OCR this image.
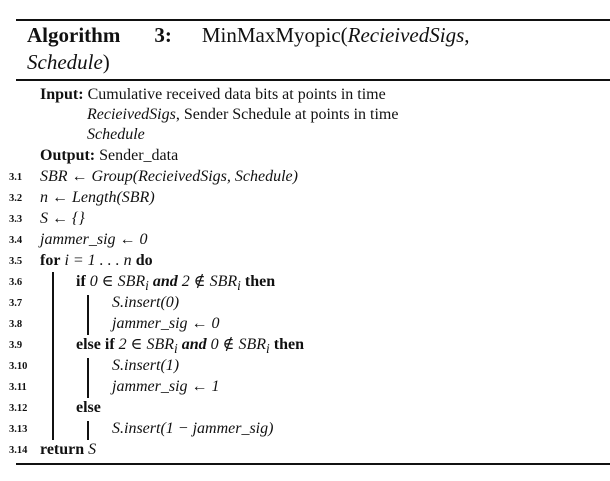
Algorithm 3: MinMaxMyopic(RecieivedSigs,
Schedule)
Input: Cumulative received data bits at points in time
RecieivedSigs, Sender Schedule at points in time
Schedule
Output: Sender_data
3.1
3.2
3.3
3.4
3.5
3.6
3.7
3.8
3.9
3.10
3.11
3.12
3.13
3.14
SBR ← Group(RecieivedSigs, Schedule)
n ← Length(SBR)
S ← {}
jammer_sig ← 0
for i = 1 . . . n do
if 0 ∈ $SBR_i$ and 2 ∉ $SBR_i$ then
S.insert(0)
jammer_sig ← 0
else if 2 ∈ $SBR_i$ and 0 ∉ $SBR_i$ then
S.insert(1)
jammer_sig ← 1
else
S.insert(1 − jammer_sig)
return S
